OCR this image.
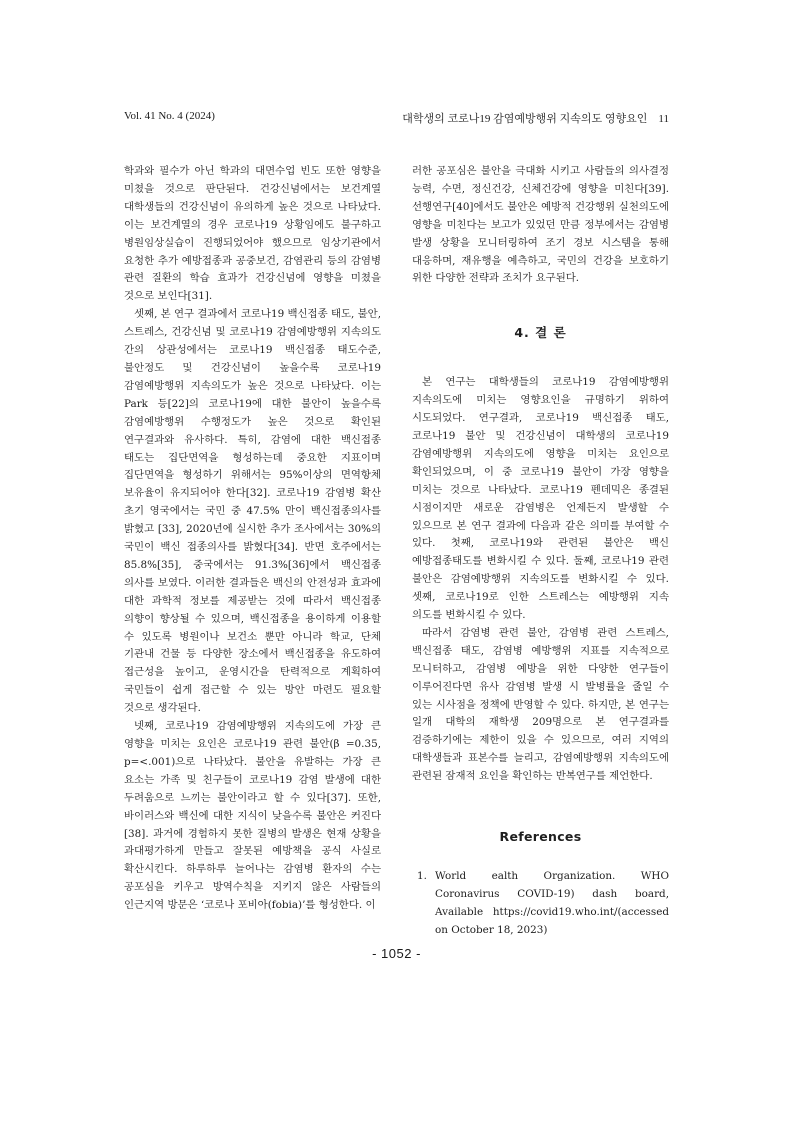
Vol. 41 No. 4 (2024)	대학생의 코로나19 감염예방행위 지속의도 영향요인 11

학과와 필수가 아닌 학과의 대면수업 빈도 또한 영향을 미쳤을 것으로 판단된다. 건강신념에서는 보건계열 대학생들의 건강신념이 유의하게 높은 것으로 나타났다. 이는 보건계열의 경우 코로나19 상황임에도 불구하고 병원임상실습이 진행되었어야 했으므로 임상기관에서 요청한 추가 예방접종과 공중보건, 감염관리 등의 감염병 관련 질환의 학습 효과가 건강신념에 영향을 미쳤을 것으로 보인다[31].

셋째, 본 연구 결과에서 코로나19 백신접종 태도, 불안, 스트레스, 건강신념 및 코로나19 감염예방행위 지속의도 간의 상관성에서는 코로나19 백신접종 태도수준, 불안정도 및 건강신념이 높을수록 코로나19 감염예방행위 지속의도가 높은 것으로 나타났다. 이는 Park 등[22]의 코로나19에 대한 불안이 높을수록 감염예방행위 수행정도가 높은 것으로 확인된 연구결과와 유사하다. 특히, 감염에 대한 백신접종 태도는 집단면역을 형성하는데 중요한 지표이며 집단면역을 형성하기 위해서는 95%이상의 면역항체 보유율이 유지되어야 한다[32]. 코로나19 감염병 확산 초기 영국에서는 국민 중 47.5% 만이 백신접종의사를 밝혔고 [33], 2020년에 실시한 추가 조사에서는 30%의 국민이 백신 접종의사를 밝혔다[34]. 반면 호주에서는 85.8%[35], 중국에서는 91.3%[36]에서 백신접종 의사를 보였다. 이러한 결과들은 백신의 안전성과 효과에 대한 과학적 정보를 제공받는 것에 따라서 백신접종 의향이 향상될 수 있으며, 백신접종을 용이하게 이용할 수 있도록 병원이나 보건소 뿐만 아니라 학교, 단체 기관내 건물 등 다양한 장소에서 백신접종을 유도하여 접근성을 높이고, 운영시간을 탄력적으로 계획하여 국민들이 쉽게 접근할 수 있는 방안 마련도 필요할 것으로 생각된다.

넷째, 코로나19 감염예방행위 지속의도에 가장 큰 영향을 미치는 요인은 코로나19 관련 불안(β =0.35, p=<.001)으로 나타났다. 불안을 유발하는 가장 큰 요소는 가족 및 친구들이 코로나19 감염 발생에 대한 두려움으로 느끼는 불안이라고 할 수 있다[37]. 또한, 바이러스와 백신에 대한 지식이 낮을수록 불안은 커진다[38]. 과거에 경험하지 못한 질병의 발생은 현재 상황을 과대평가하게 만들고 잘못된 예방책을 공식 사실로 확산시킨다. 하루하루 늘어나는 감염병 환자의 수는 공포심을 키우고 방역수칙을 지키지 않은 사람들의 인근지역 방문은 ‘코로나 포비아(fobia)’를 형성한다. 이

러한 공포심은 불안을 극대화 시키고 사람들의 의사결정 능력, 수면, 정신건강, 신체건강에 영향을 미친다[39]. 선행연구[40]에서도 불안은 예방적 건강행위 실천의도에 영향을 미친다는 보고가 있었던 만큼 정부에서는 감염병 발생 상황을 모니터링하여 조기 경보 시스템을 통해 대응하며, 재유행을 예측하고, 국민의 건강을 보호하기 위한 다양한 전략과 조치가 요구된다.

4. 결 론

본 연구는 대학생들의 코로나19 감염예방행위 지속의도에 미치는 영향요인을 규명하기 위하여 시도되었다. 연구결과, 코로나19 백신접종 태도, 코로나19 불안 및 건강신념이 대학생의 코로나19 감염예방행위 지속의도에 영향을 미치는 요인으로 확인되었으며, 이 중 코로나19 불안이 가장 영향을 미치는 것으로 나타났다. 코로나19 펜데믹은 종결된 시점이지만 새로운 감염병은 언제든지 발생할 수 있으므로 본 연구 결과에 다음과 같은 의미를 부여할 수 있다. 첫째, 코로나19와 관련된 불안은 백신 예방접종태도를 변화시킬 수 있다. 둘째, 코로나19 관련 불안은 감염예방행위 지속의도를 변화시킬 수 있다. 셋째, 코로나19로 인한 스트레스는 예방행위 지속 의도를 변화시킬 수 있다.

따라서 감염병 관련 불안, 감염병 관련 스트레스, 백신접종 태도, 감염병 예방행위 지표를 지속적으로 모니터하고, 감염병 예방을 위한 다양한 연구들이 이루어진다면 유사 감염병 발생 시 발병률을 줄일 수 있는 시사점을 정책에 반영할 수 있다. 하지만, 본 연구는 일개 대학의 재학생 209명으로 본 연구결과를 검증하기에는 제한이 있을 수 있으므로, 여러 지역의 대학생들과 표본수를 늘리고, 감염예방행위 지속의도에 관련된 잠재적 요인을 확인하는 반복연구를 제언한다.

References
1. World ealth Organization. WHO Coronavirus COVID-19) dash board, Available https://covid19.who.int/(accessed on October 18, 2023)
- 1052 -
